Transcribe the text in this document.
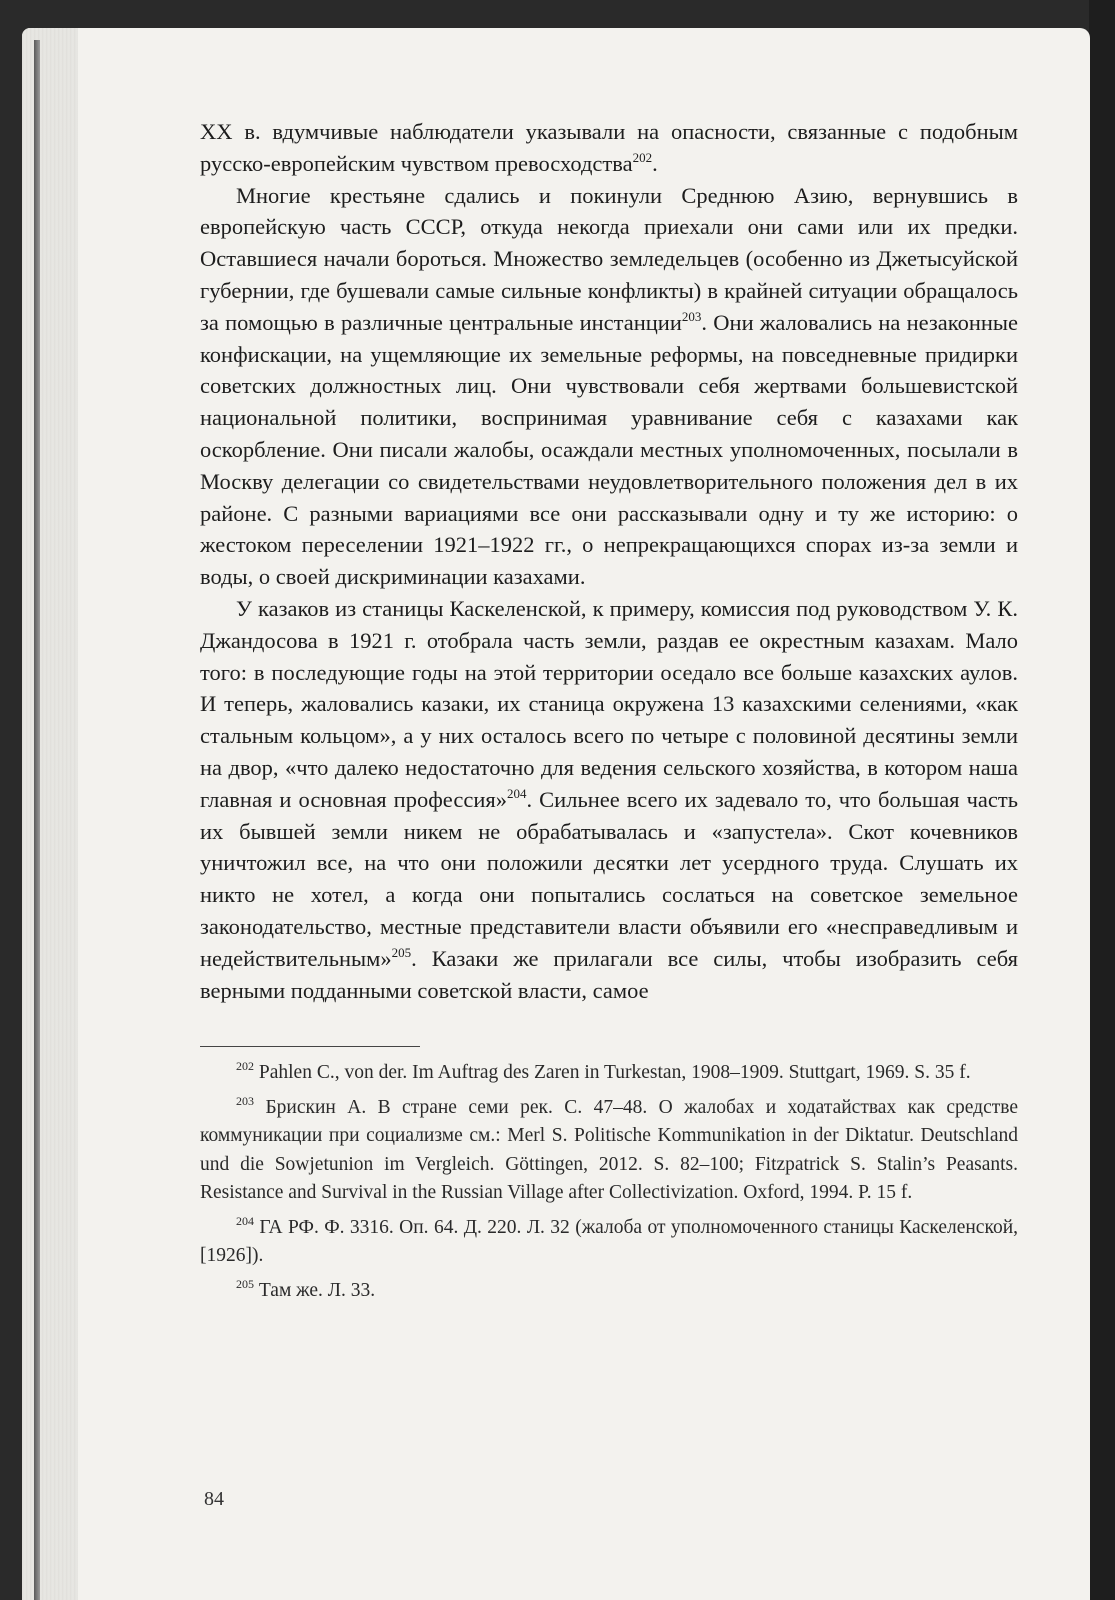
XX в. вдумчивые наблюдатели указывали на опасности, связанные с подобным русско-европейским чувством превосходства$^{202}$.

Многие крестьяне сдались и покинули Среднюю Азию, вернувшись в европейскую часть СССР, откуда некогда приехали они сами или их предки. Оставшиеся начали бороться. Множество земледельцев (особенно из Джетысуйской губернии, где бушевали самые сильные конфликты) в крайней ситуации обращалось за помощью в различные центральные инстанции$^{203}$. Они жаловались на незаконные конфискации, на ущемляющие их земельные реформы, на повседневные придирки советских должностных лиц. Они чувствовали себя жертвами большевистской национальной политики, воспринимая уравнивание себя с казахами как оскорбление. Они писали жалобы, осаждали местных уполномоченных, посылали в Москву делегации со свидетельствами неудовлетворительного положения дел в их районе. С разными вариациями все они рассказывали одну и ту же историю: о жестоком переселении 1921–1922 гг., о непрекращающихся спорах из-за земли и воды, о своей дискриминации казахами.

У казаков из станицы Каскеленской, к примеру, комиссия под руководством У. К. Джандосова в 1921 г. отобрала часть земли, раздав ее окрестным казахам. Мало того: в последующие годы на этой территории оседало все больше казахских аулов. И теперь, жаловались казаки, их станица окружена 13 казахскими селениями, «как стальным кольцом», а у них осталось всего по четыре с половиной десятины земли на двор, «что далеко недостаточно для ведения сельского хозяйства, в котором наша главная и основная профессия»$^{204}$. Сильнее всего их задевало то, что большая часть их бывшей земли никем не обрабатывалась и «запустела». Скот кочевников уничтожил все, на что они положили десятки лет усердного труда. Слушать их никто не хотел, а когда они попытались сослаться на советское земельное законодательство, местные представители власти объявили его «несправедливым и недействительным»$^{205}$. Казаки же прилагали все силы, чтобы изобразить себя верными подданными советской власти, самое

$^{202}$ Pahlen C., von der. Im Auftrag des Zaren in Turkestan, 1908–1909. Stuttgart, 1969. S. 35 f.

$^{203}$ Брискин А. В стране семи рек. С. 47–48. О жалобах и ходатайствах как средстве коммуникации при социализме см.: Merl S. Politische Kommunikation in der Diktatur. Deutschland und die Sowjetunion im Vergleich. Göttingen, 2012. S. 82–100; Fitzpatrick S. Stalin’s Peasants. Resistance and Survival in the Russian Village after Collectivization. Oxford, 1994. P. 15 f.

$^{204}$ ГА РФ. Ф. 3316. Оп. 64. Д. 220. Л. 32 (жалоба от уполномоченного станицы Каскеленской, [1926]).

$^{205}$ Там же. Л. 33.

84
